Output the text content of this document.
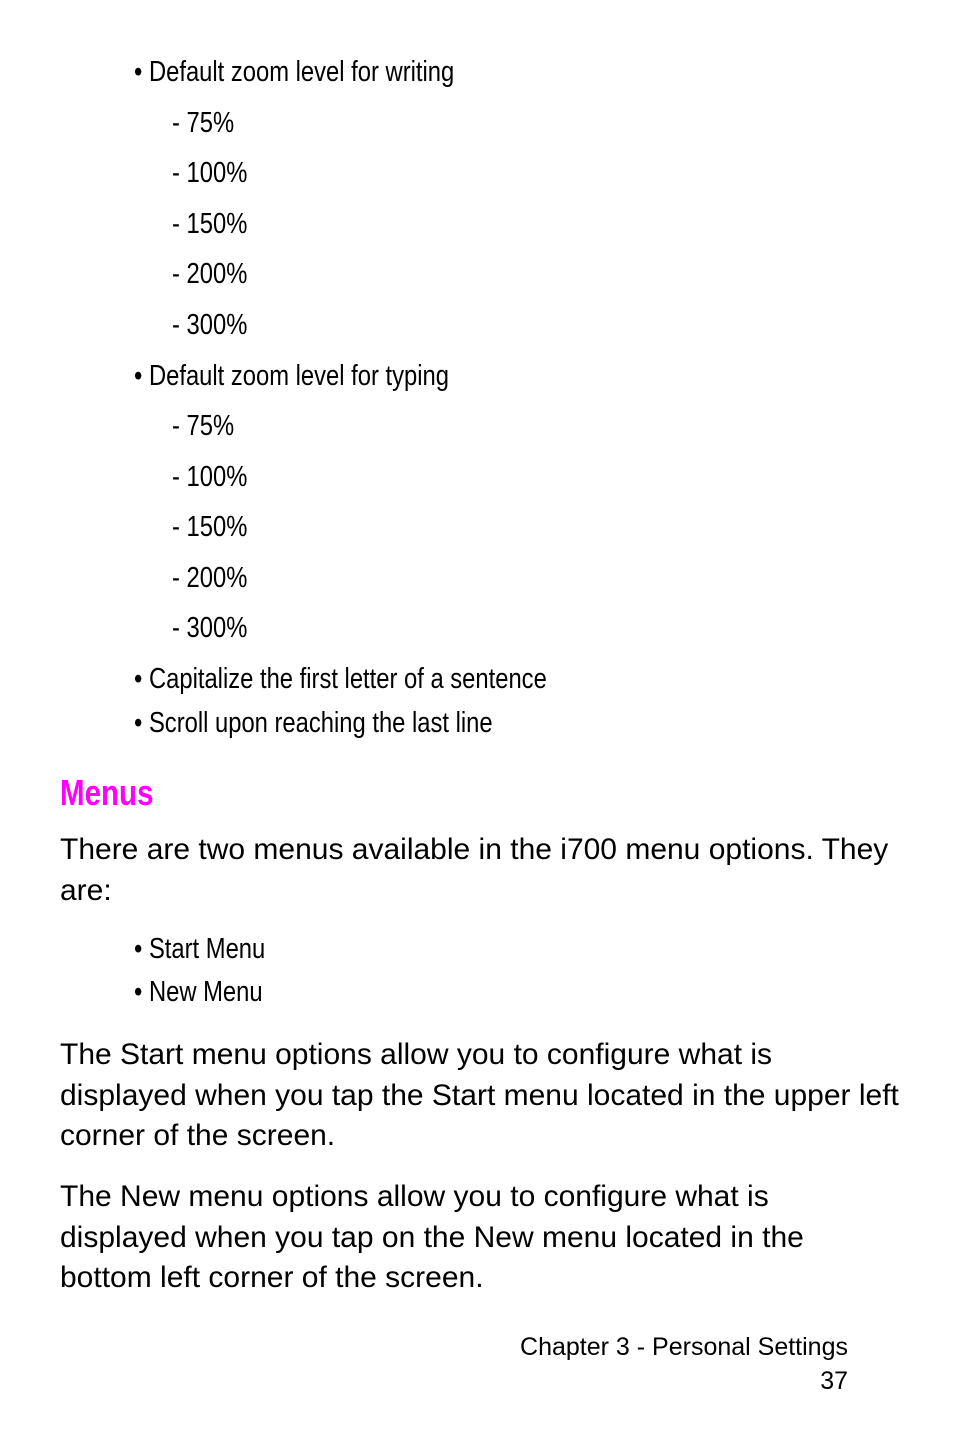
• Default zoom level for writing
- 75%
- 100%
- 150%
- 200%
- 300%
• Default zoom level for typing
- 75%
- 100%
- 150%
- 200%
- 300%
• Capitalize the first letter of a sentence
• Scroll upon reaching the last line
Menus

There are two menus available in the i700 menu options. They are:

• Start Menu
• New Menu

The Start menu options allow you to configure what is displayed when you tap the Start menu located in the upper left corner of the screen.

The New menu options allow you to configure what is displayed when you tap on the New menu located in the bottom left corner of the screen.

Chapter 3 - Personal Settings
37
